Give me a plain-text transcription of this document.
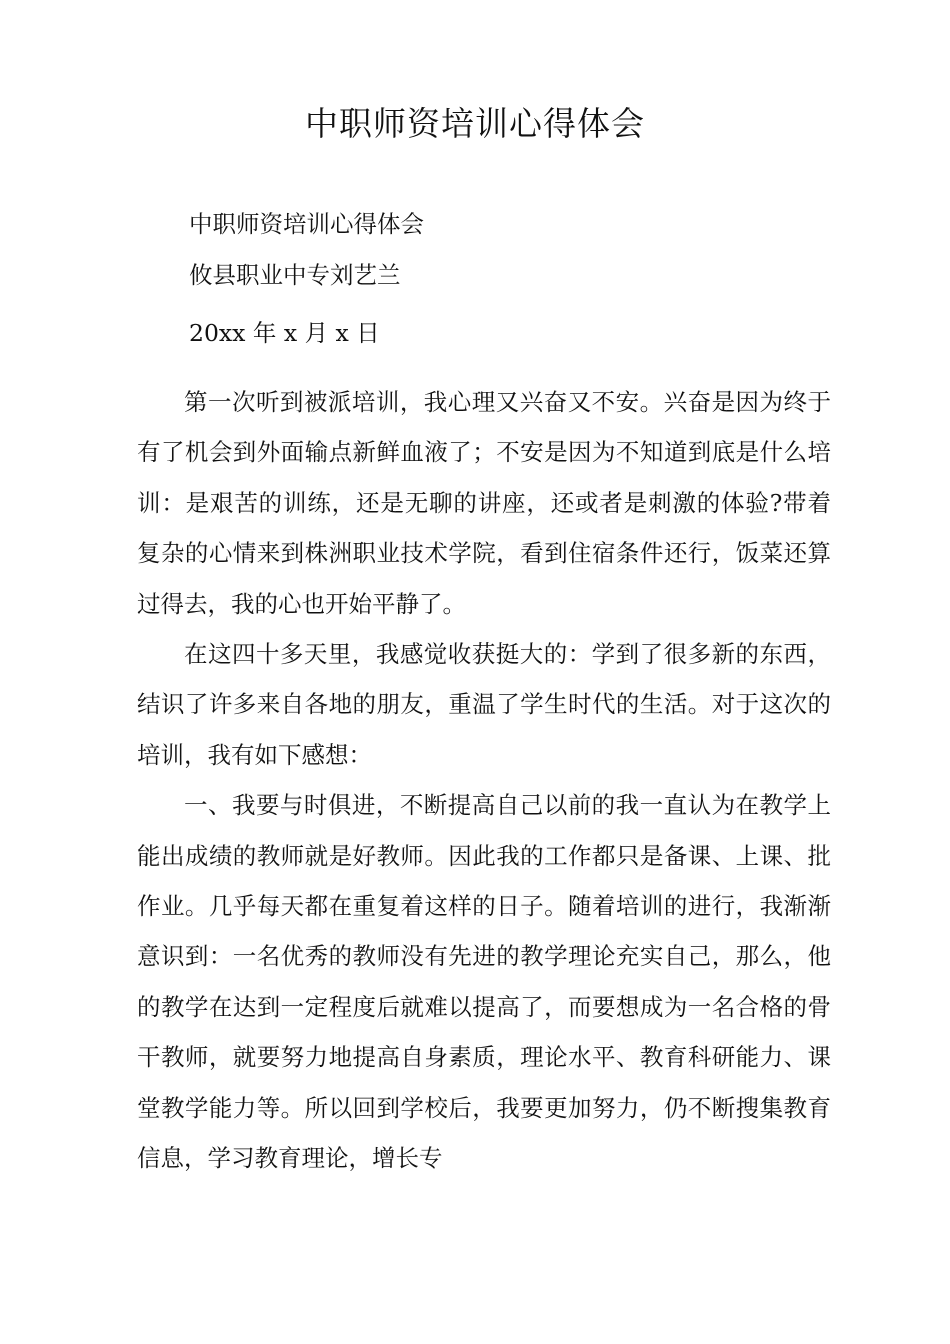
中职师资培训心得体会
中职师资培训心得体会
攸县职业中专刘艺兰
20xx 年 x 月 x 日

第一次听到被派培训，我心理又兴奋又不安。兴奋是因为终于有了机会到外面输点新鲜血液了；不安是因为不知道到底是什么培训：是艰苦的训练，还是无聊的讲座，还或者是刺激的体验?带着复杂的心情来到株洲职业技术学院，看到住宿条件还行，饭菜还算过得去，我的心也开始平静了。

在这四十多天里，我感觉收获挺大的：学到了很多新的东西，结识了许多来自各地的朋友，重温了学生时代的生活。对于这次的培训，我有如下感想：

一、我要与时俱进，不断提高自己以前的我一直认为在教学上能出成绩的教师就是好教师。因此我的工作都只是备课、上课、批作业。几乎每天都在重复着这样的日子。随着培训的进行，我渐渐意识到：一名优秀的教师没有先进的教学理论充实自己，那么，他的教学在达到一定程度后就难以提高了，而要想成为一名合格的骨干教师，就要努力地提高自身素质，理论水平、教育科研能力、课堂教学能力等。所以回到学校后，我要更加努力，仍不断搜集教育信息，学习教育理论，增长专
